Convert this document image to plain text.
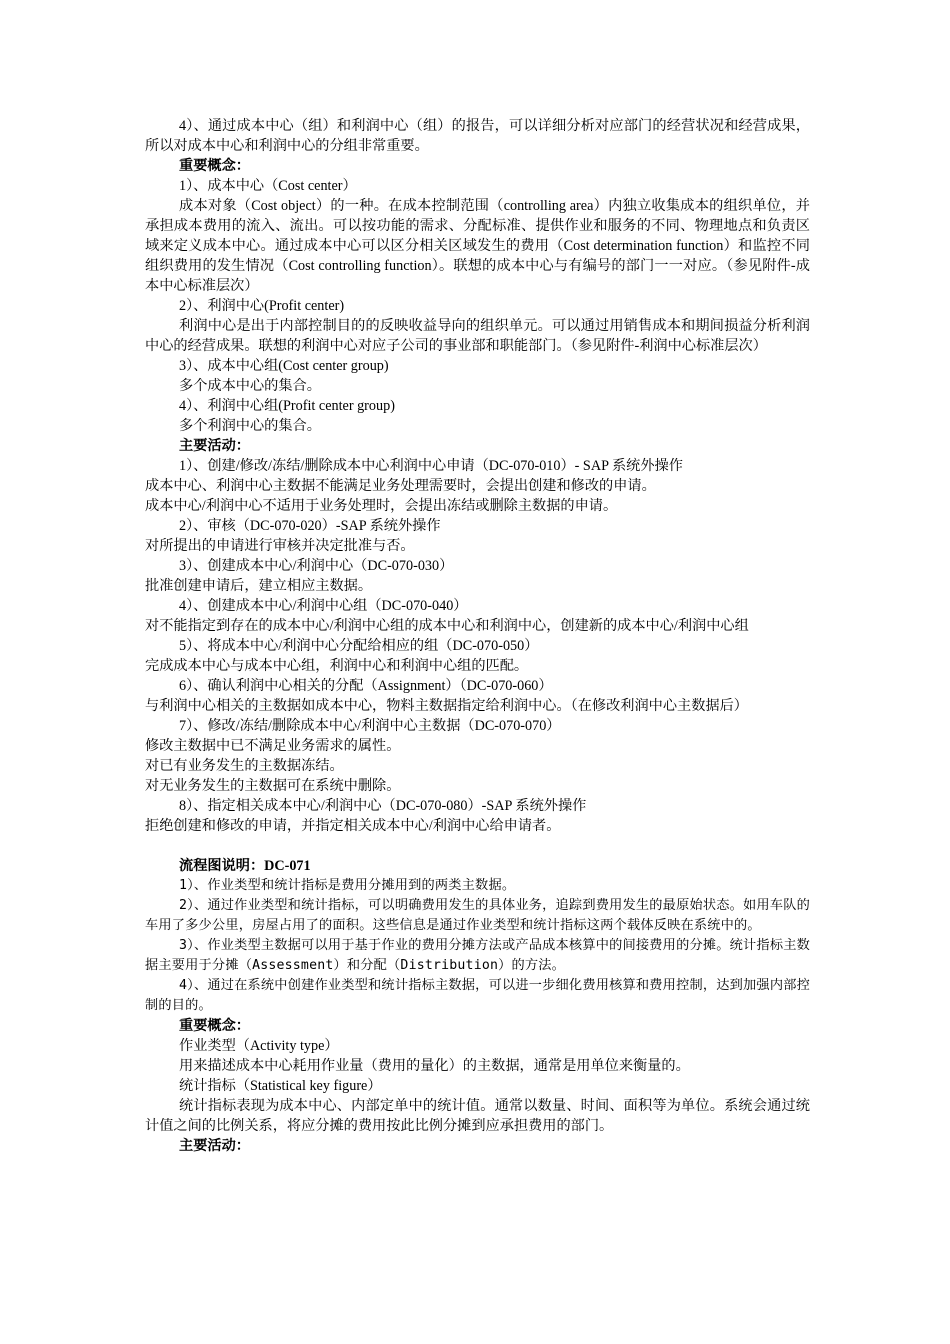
4）、通过成本中心（组）和利润中心（组）的报告，可以详细分析对应部门的经营状况和经营成果，所以对成本中心和利润中心的分组非常重要。

重要概念：

1）、成本中心（Cost center）

成本对象（Cost object）的一种。在成本控制范围（controlling area）内独立收集成本的组织单位，并承担成本费用的流入、流出。可以按功能的需求、分配标准、提供作业和服务的不同、物理地点和负责区域来定义成本中心。通过成本中心可以区分相关区域发生的费用（Cost determination function）和监控不同组织费用的发生情况（Cost controlling function）。联想的成本中心与有编号的部门一一对应。（参见附件-成本中心标准层次）

2）、利润中心(Profit center)

利润中心是出于内部控制目的的反映收益导向的组织单元。可以通过用销售成本和期间损益分析利润中心的经营成果。联想的利润中心对应子公司的事业部和职能部门。（参见附件-利润中心标准层次）

3）、成本中心组(Cost center group)

多个成本中心的集合。

4）、利润中心组(Profit center group)

多个利润中心的集合。

主要活动：

1）、创建/修改/冻结/删除成本中心利润中心申请（DC-070-010）- SAP 系统外操作

成本中心、利润中心主数据不能满足业务处理需要时，会提出创建和修改的申请。

成本中心/利润中心不适用于业务处理时，会提出冻结或删除主数据的申请。

2）、审核（DC-070-020）-SAP 系统外操作

对所提出的申请进行审核并决定批准与否。

3）、创建成本中心/利润中心（DC-070-030）

批准创建申请后，建立相应主数据。

4）、创建成本中心/利润中心组（DC-070-040）

对不能指定到存在的成本中心/利润中心组的成本中心和利润中心，创建新的成本中心/利润中心组

5）、将成本中心/利润中心分配给相应的组（DC-070-050）

完成成本中心与成本中心组，利润中心和利润中心组的匹配。

6）、确认利润中心相关的分配（Assignment）（DC-070-060）

与利润中心相关的主数据如成本中心，物料主数据指定给利润中心。（在修改利润中心主数据后）

7）、修改/冻结/删除成本中心/利润中心主数据（DC-070-070）

修改主数据中已不满足业务需求的属性。

对已有业务发生的主数据冻结。

对无业务发生的主数据可在系统中删除。

8）、指定相关成本中心/利润中心（DC-070-080）-SAP 系统外操作

拒绝创建和修改的申请，并指定相关成本中心/利润中心给申请者。

流程图说明：DC-071

1）、作业类型和统计指标是费用分摊用到的两类主数据。

2）、通过作业类型和统计指标，可以明确费用发生的具体业务，追踪到费用发生的最原始状态。如用车队的车用了多少公里，房屋占用了的面积。这些信息是通过作业类型和统计指标这两个载体反映在系统中的。

3）、作业类型主数据可以用于基于作业的费用分摊方法或产品成本核算中的间接费用的分摊。统计指标主数据主要用于分摊（Assessment）和分配（Distribution）的方法。

4）、通过在系统中创建作业类型和统计指标主数据，可以进一步细化费用核算和费用控制，达到加强内部控制的目的。

重要概念：

作业类型（Activity type）

用来描述成本中心耗用作业量（费用的量化）的主数据，通常是用单位来衡量的。

统计指标（Statistical key figure）

统计指标表现为成本中心、内部定单中的统计值。通常以数量、时间、面积等为单位。系统会通过统计值之间的比例关系，将应分摊的费用按此比例分摊到应承担费用的部门。

主要活动：
